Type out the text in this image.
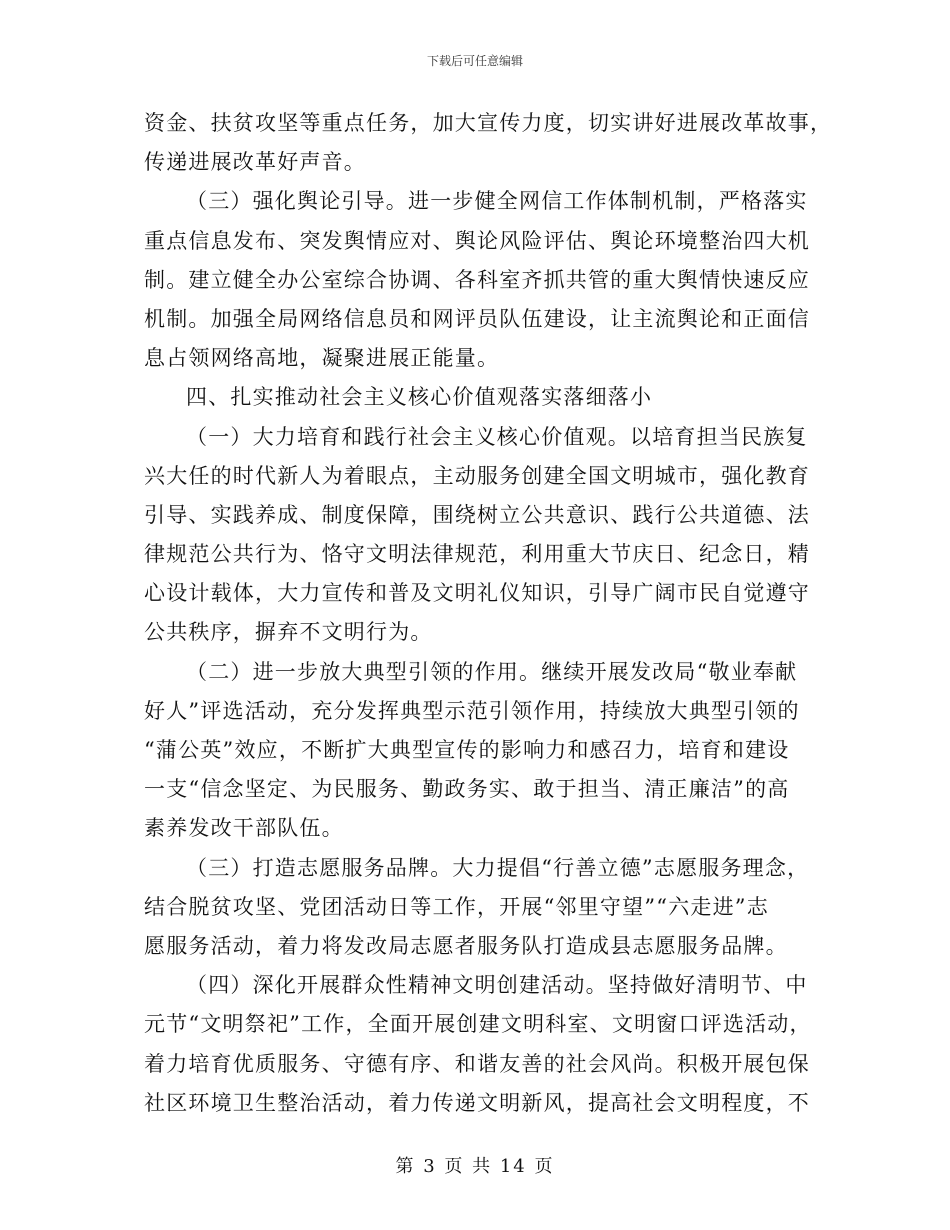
下载后可任意编辑
资金、扶贫攻坚等重点任务，加大宣传力度，切实讲好进展改革故事，
传递进展改革好声音。
（三）强化舆论引导。进一步健全网信工作体制机制，严格落实
重点信息发布、突发舆情应对、舆论风险评估、舆论环境整治四大机
制。建立健全办公室综合协调、各科室齐抓共管的重大舆情快速反应
机制。加强全局网络信息员和网评员队伍建设，让主流舆论和正面信
息占领网络高地，凝聚进展正能量。
四、扎实推动社会主义核心价值观落实落细落小
（一）大力培育和践行社会主义核心价值观。以培育担当民族复
兴大任的时代新人为着眼点，主动服务创建全国文明城市，强化教育
引导、实践养成、制度保障，围绕树立公共意识、践行公共道德、法
律规范公共行为、恪守文明法律规范，利用重大节庆日、纪念日，精
心设计载体，大力宣传和普及文明礼仪知识，引导广阔市民自觉遵守
公共秩序，摒弃不文明行为。
（二）进一步放大典型引领的作用。继续开展发改局“敬业奉献
好人”评选活动，充分发挥典型示范引领作用，持续放大典型引领的
“蒲公英”效应，不断扩大典型宣传的影响力和感召力，培育和建设
一支“信念坚定、为民服务、勤政务实、敢于担当、清正廉洁”的高
素养发改干部队伍。
（三）打造志愿服务品牌。大力提倡“行善立德”志愿服务理念，
结合脱贫攻坚、党团活动日等工作，开展“邻里守望”“六走进”志
愿服务活动，着力将发改局志愿者服务队打造成县志愿服务品牌。
（四）深化开展群众性精神文明创建活动。坚持做好清明节、中
元节“文明祭祀”工作，全面开展创建文明科室、文明窗口评选活动，
着力培育优质服务、守德有序、和谐友善的社会风尚。积极开展包保
社区环境卫生整治活动，着力传递文明新风，提高社会文明程度，不
第 3 页 共 14 页
